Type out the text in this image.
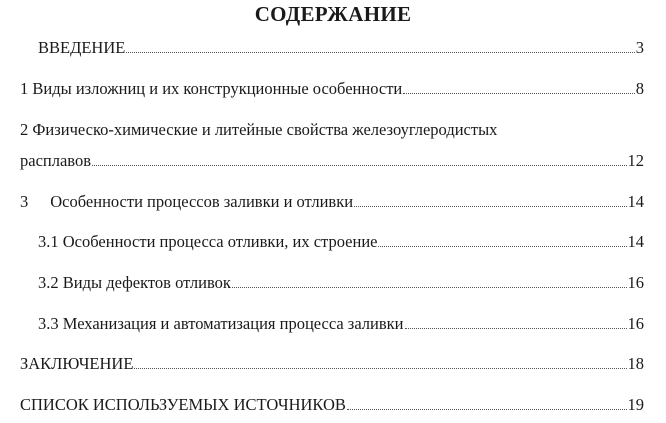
СОДЕРЖАНИЕ
ВВЕДЕНИЕ	3
1 Виды изложниц и их конструкционные особенности	8
2 Физическо-химические и литейные свойства железоуглеродистых
расплавов	12
3 Особенности процессов заливки и отливки	14
3.1 Особенности процесса отливки, их строение	14
3.2 Виды дефектов отливок	16
3.3 Механизация и автоматизация процесса заливки	16
ЗАКЛЮЧЕНИЕ	18
СПИСОК ИСПОЛЬЗУЕМЫХ ИСТОЧНИКОВ	19
